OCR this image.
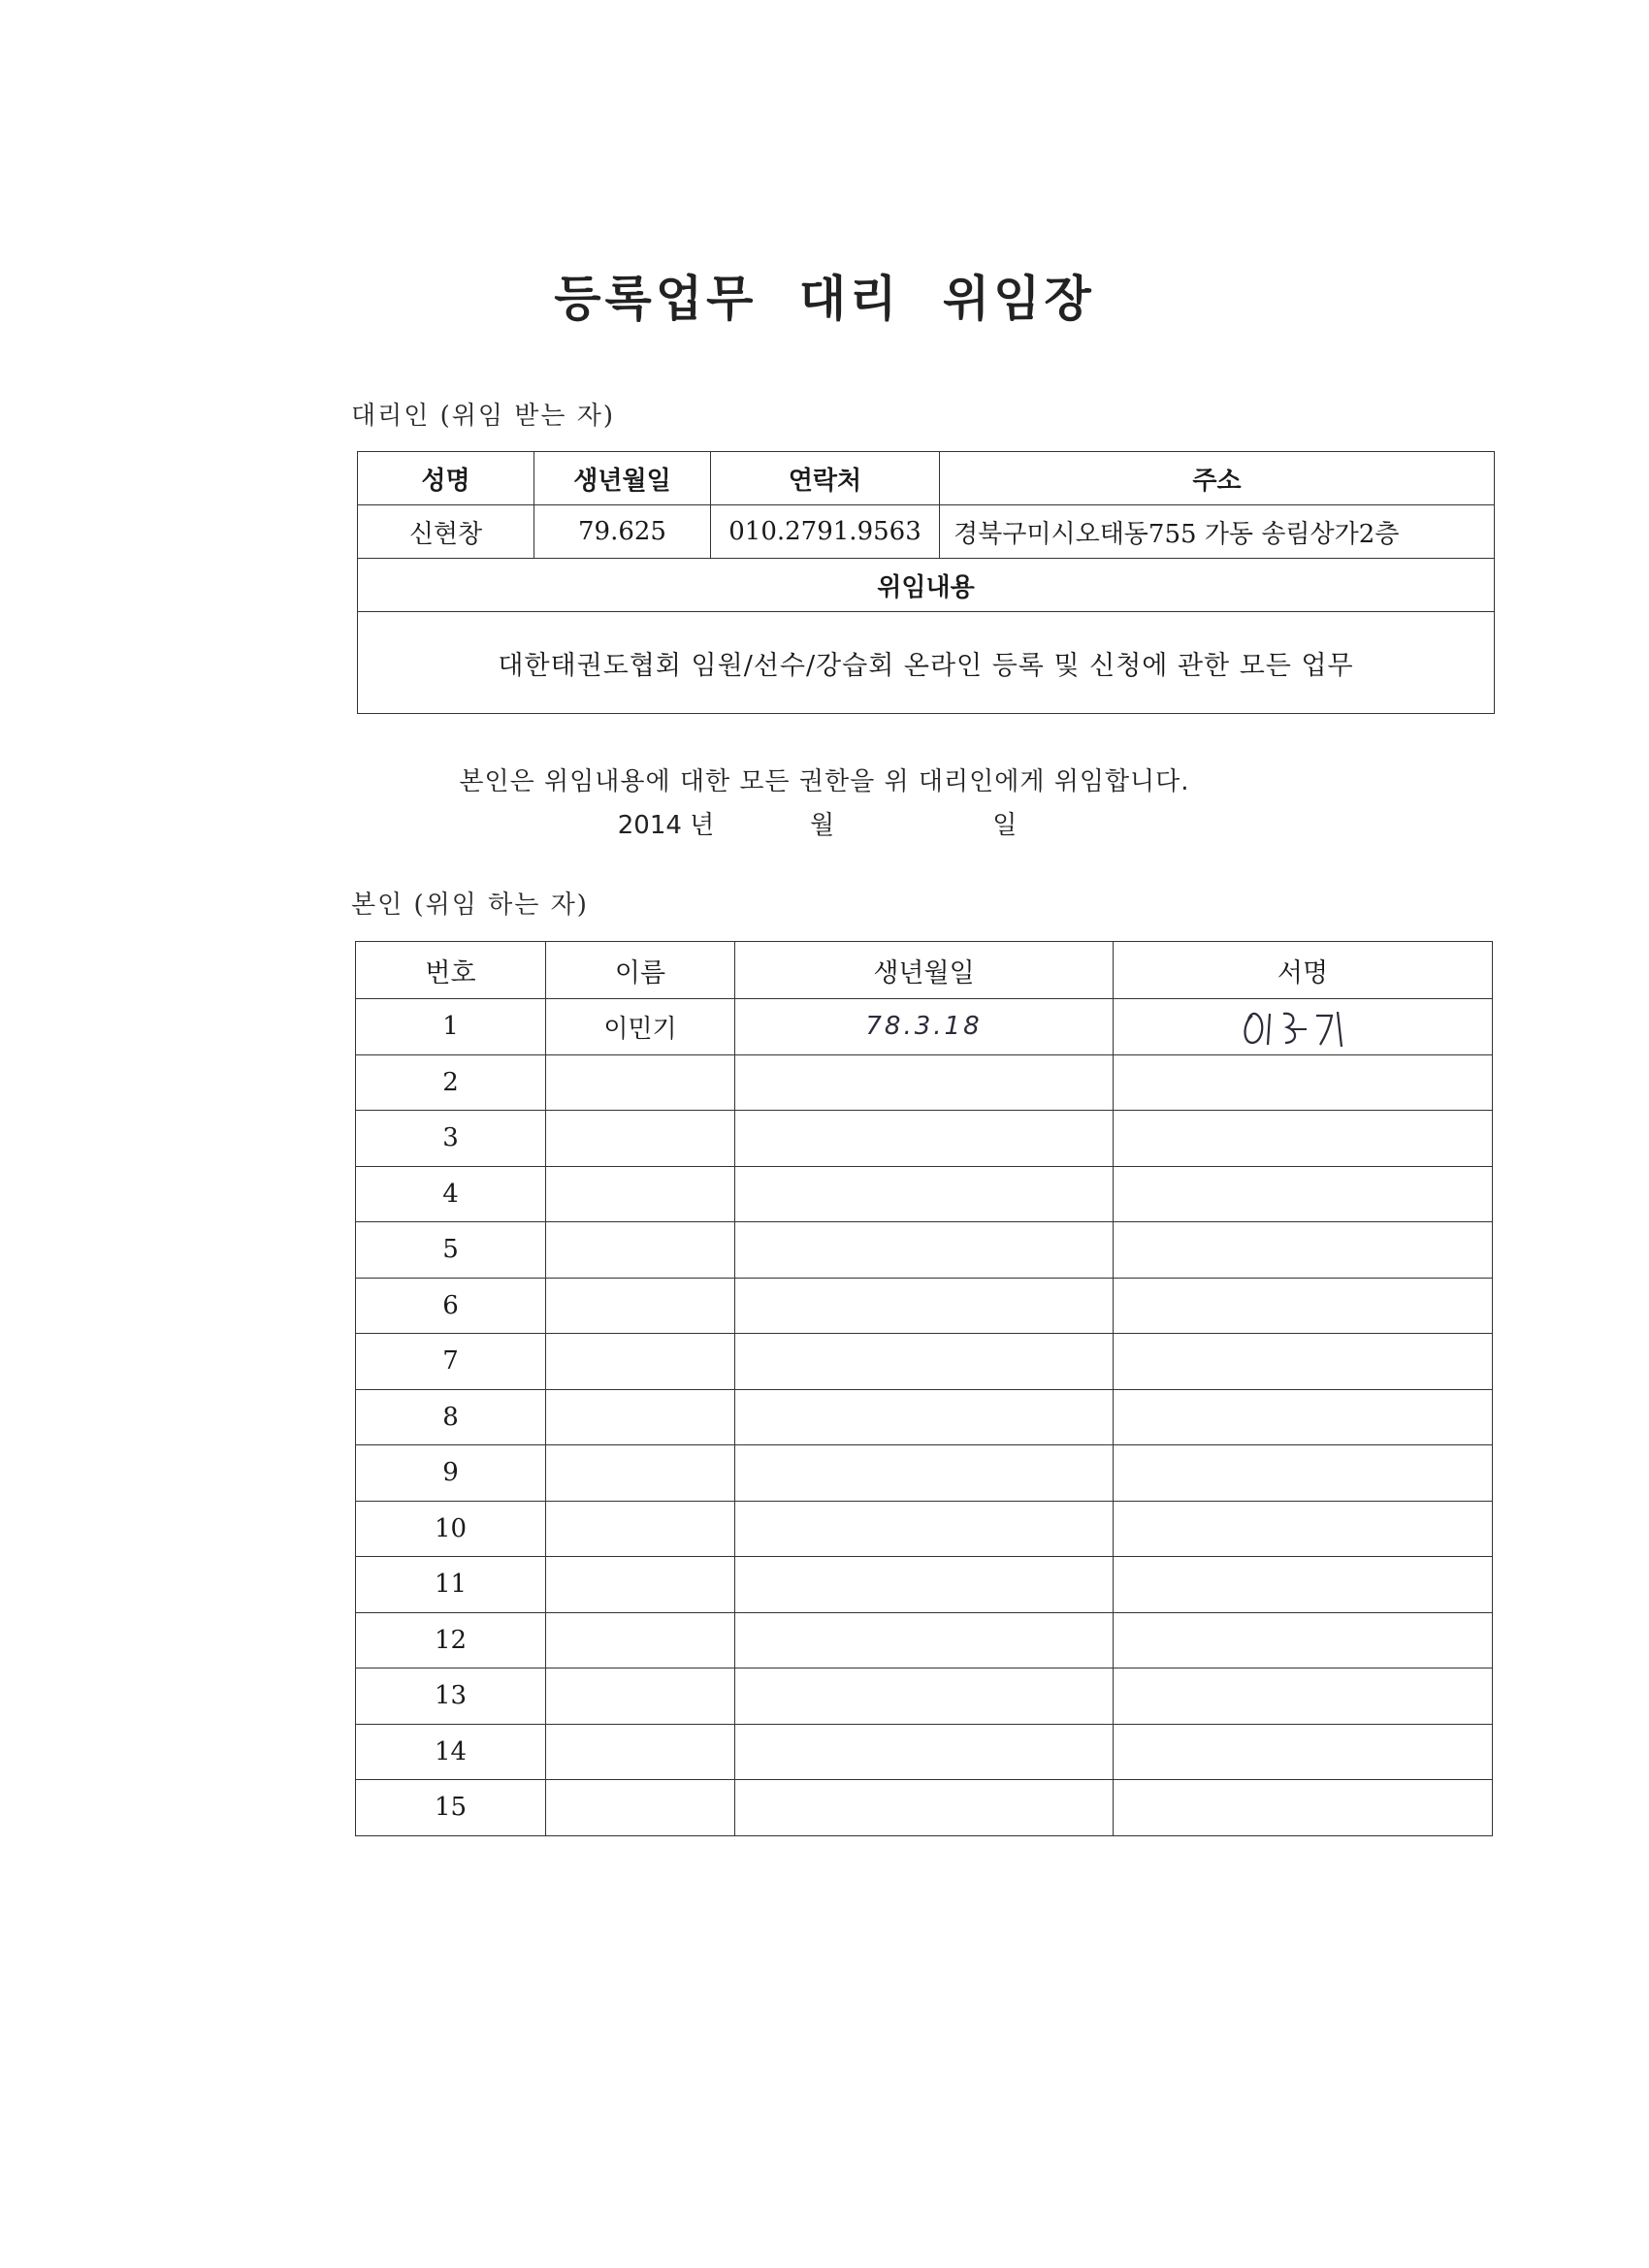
등록업무 대리 위임장
대리인 (위임 받는 자)
성명	생년월일	연락처	주소
신현창	79.625	010.2791.9563	경북구미시오태동755 가동 송림상가2층
위임내용			
대한태권도협회 임원/선수/강습회 온라인 등록 및 신청에 관한 모든 업무			
본인은 위임내용에 대한 모든 권한을 위 대리인에게 위임합니다.
2014 년	월	일
본인 (위임 하는 자)
번호	이름	생년월일	서명
1	이민기	78.3.18	

2			
3			
4			
5			
6			
7			
8			
9			
10			
11			
12			
13			
14			
15			
